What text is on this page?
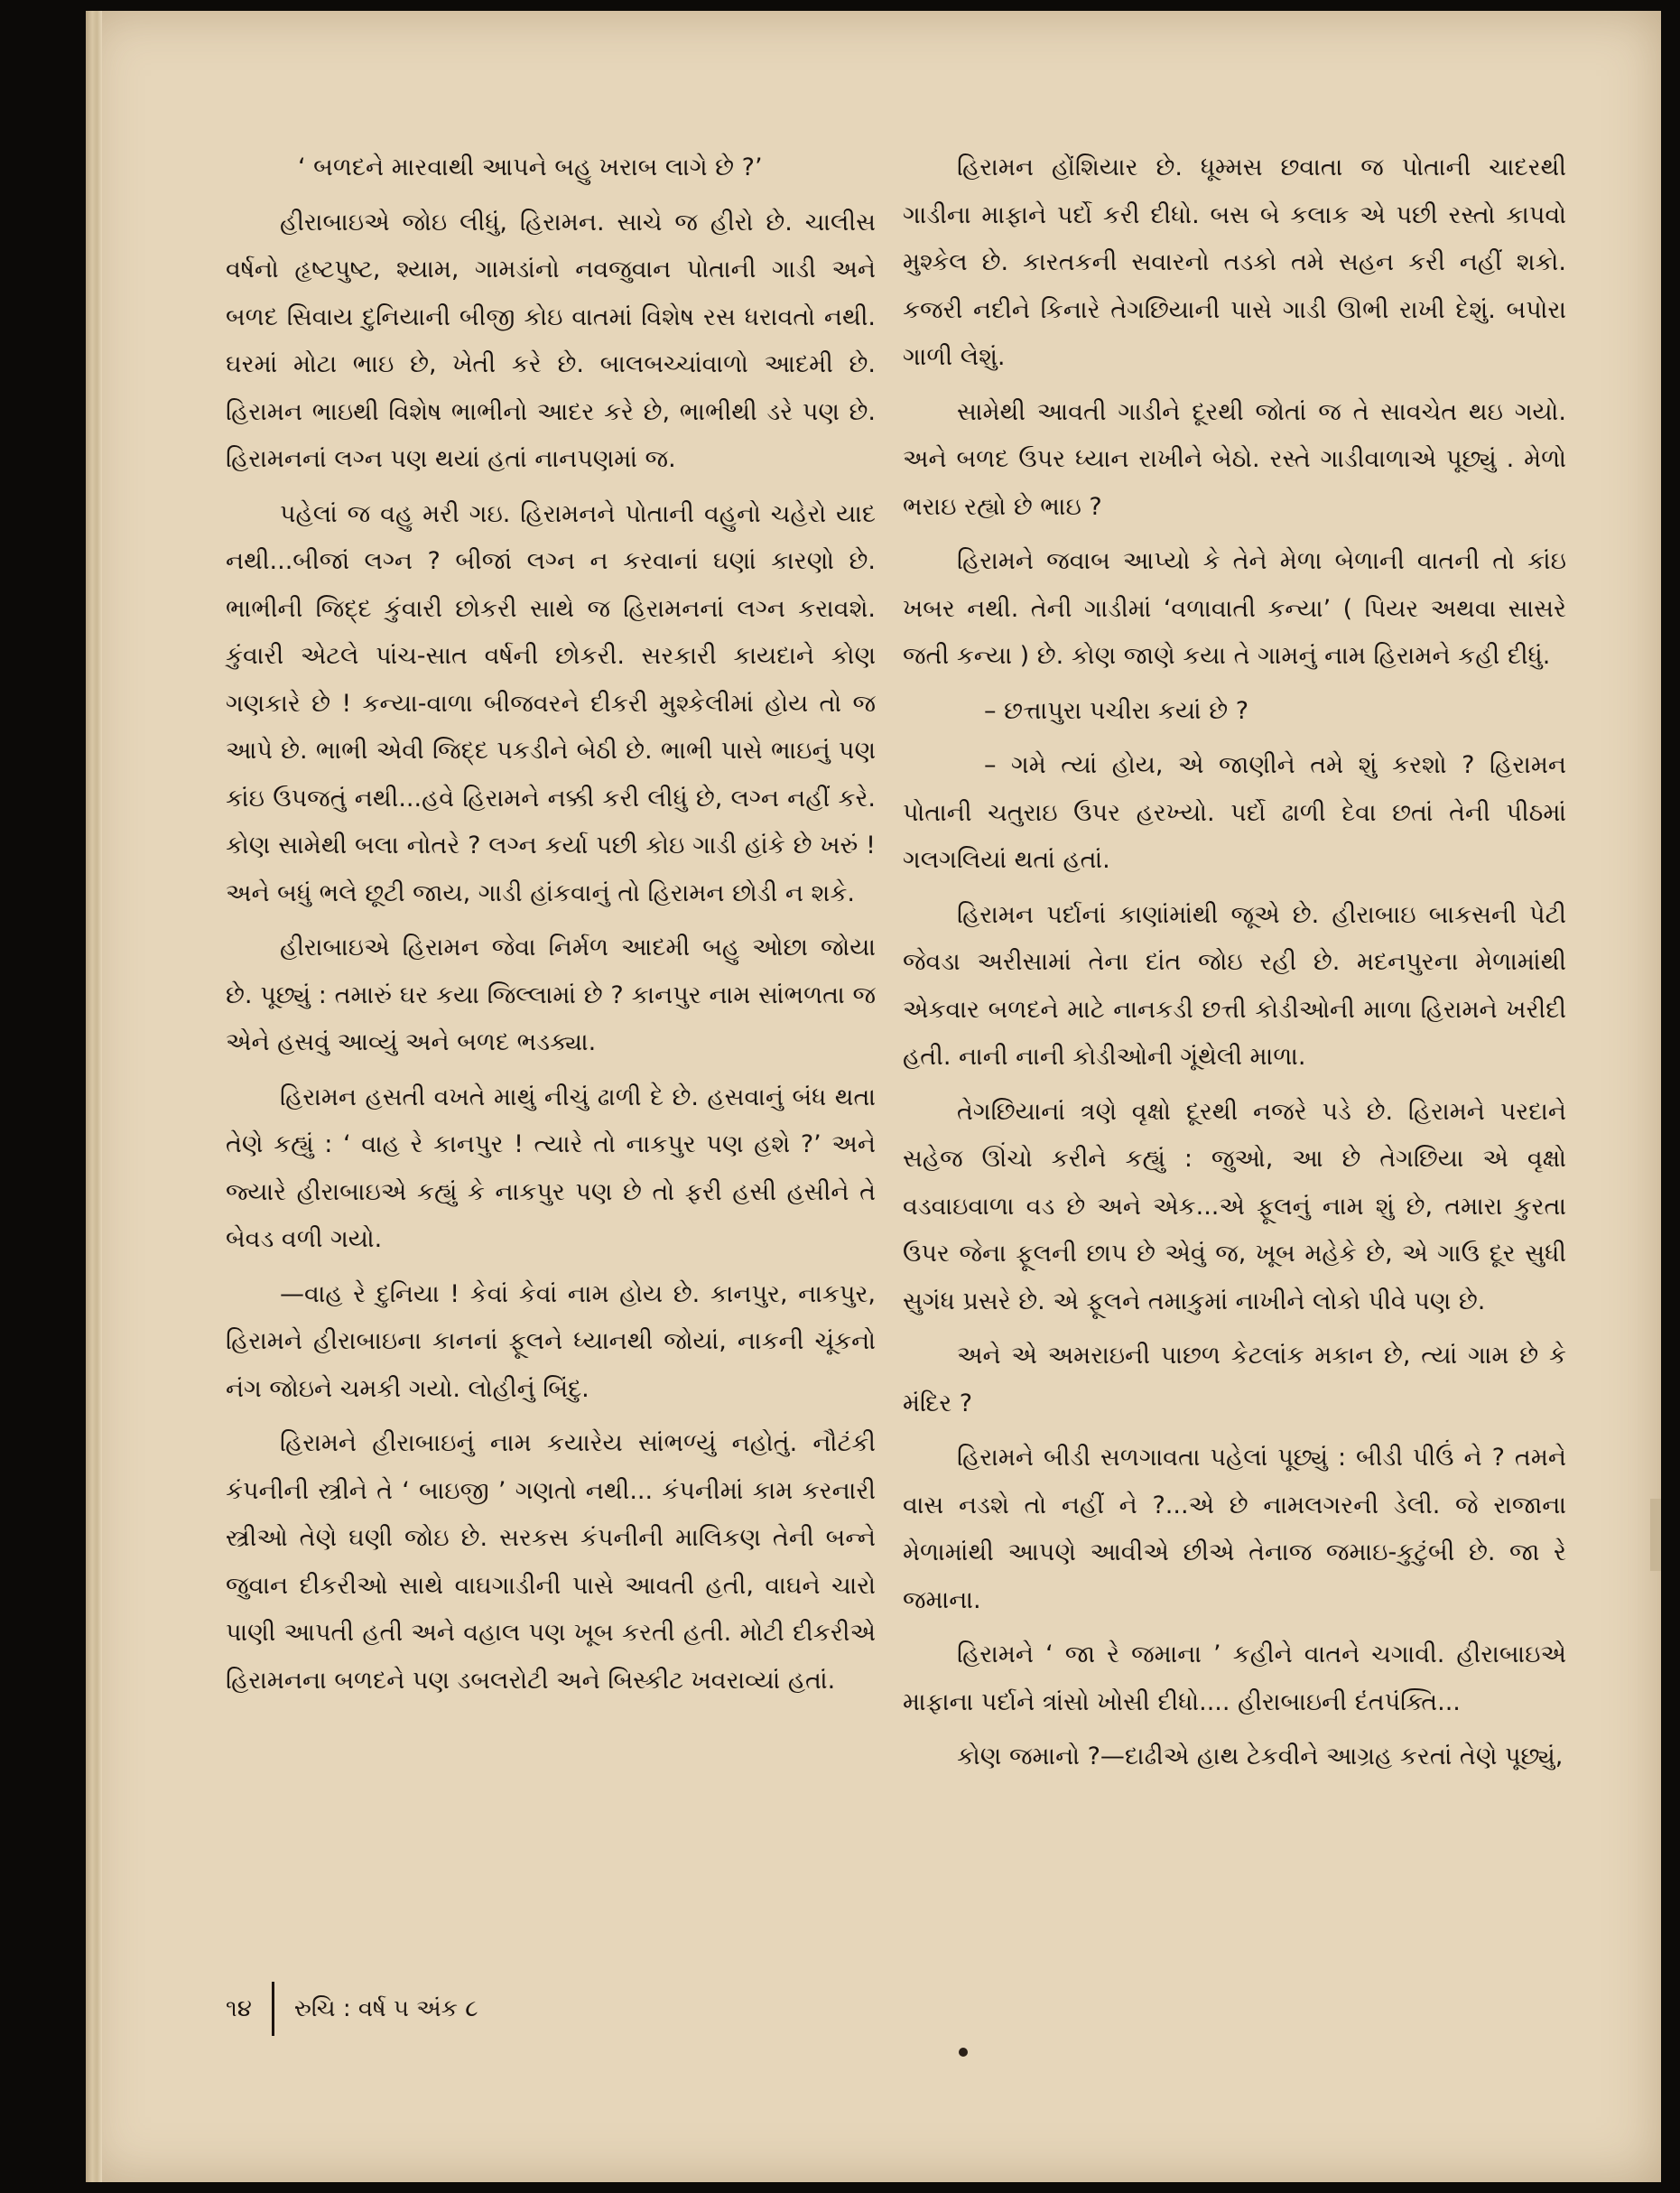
‘ બળદને મારવાથી આપને બહુ ખરાબ લાગે છે ?’

હીરાબાઇએ જોઇ લીધું, હિરામન. સાચે જ હીરો છે. ચાલીસ વર્ષનો હૃષ્ટપુષ્ટ, શ્યામ, ગામડાંનો નવજુવાન પોતાની ગાડી અને બળદ સિવાય દુનિયાની બીજી કોઇ વાતમાં વિશેષ રસ ધરાવતો નથી. ઘરમાં મોટા ભાઇ છે, ખેતી કરે છે. બાલબચ્ચાંવાળો આદમી છે. હિરામન ભાઇથી વિશેષ ભાભીનો આદર કરે છે, ભાભીથી ડરે પણ છે. હિરામનનાં લગ્ન પણ થયાં હતાં નાનપણમાં જ.

પહેલાં જ વહુ મરી ગઇ. હિરામનને પોતાની વહુનો ચહેરો યાદ નથી...બીજાં લગ્ન ? બીજાં લગ્ન ન કરવાનાં ઘણાં કારણો છે. ભાભીની જિદ્દ કુંવારી છોકરી સાથે જ હિરામનનાં લગ્ન કરાવશે. કુંવારી એટલે પાંચ-સાત વર્ષની છોકરી. સરકારી કાયદાને કોણ ગણકારે છે ! કન્યા-વાળા બીજવરને દીકરી મુશ્કેલીમાં હોય તો જ આપે છે. ભાભી એવી જિદ્દ પકડીને બેઠી છે. ભાભી પાસે ભાઇનું પણ કાંઇ ઉપજતું નથી...હવે હિરામને નક્કી કરી લીધું છે, લગ્ન નહીં કરે. કોણ સામેથી બલા નોતરે ? લગ્ન કર્યા પછી કોઇ ગાડી હાંકે છે ખરું ! અને બધું ભલે છૂટી જાય, ગાડી હાંકવાનું તો હિરામન છોડી ન શકે.

હીરાબાઇએ હિરામન જેવા નિર્મળ આદમી બહુ ઓછા જોયા છે. પૂછ્યું : તમારું ઘર કયા જિલ્લામાં છે ? કાનપુર નામ સાંભળતા જ એને હસવું આવ્યું અને બળદ ભડક્યા.

હિરામન હસતી વખતે માથું નીચું ઢાળી દે છે. હસવાનું બંધ થતા તેણે કહ્યું : ‘ વાહ રે કાનપુર ! ત્યારે તો નાકપુર પણ હશે ?’ અને જ્યારે હીરાબાઇએ કહ્યું કે નાકપુર પણ છે તો ફરી હસી હસીને તે બેવડ વળી ગયો.

—વાહ રે દુનિયા ! કેવાં કેવાં નામ હોય છે. કાનપુર, નાકપુર, હિરામને હીરાબાઇના કાનનાં ફૂલને ધ્યાનથી જોયાં, નાકની ચૂંકનો નંગ જોઇને ચમકી ગયો. લોહીનું બિંદુ.

હિરામને હીરાબાઇનું નામ કયારેય સાંભળ્યું નહોતું. નૌટંકી કંપનીની સ્ત્રીને તે ‘ બાઇજી ’ ગણતો નથી... કંપનીમાં કામ કરનારી સ્ત્રીઓ તેણે ઘણી જોઇ છે. સરકસ કંપનીની માલિકણ તેની બન્ને જુવાન દીકરીઓ સાથે વાઘગાડીની પાસે આવતી હતી, વાઘને ચારો પાણી આપતી હતી અને વહાલ પણ ખૂબ કરતી હતી. મોટી દીકરીએ હિરામનના બળદને પણ ડબલરોટી અને બિસ્કીટ ખવરાવ્યાં હતાં.

હિરામન હોંશિયાર છે. ધૂમ્મસ છવાતા જ પોતાની ચાદરથી ગાડીના માફાને પર્દો કરી દીધો. બસ બે કલાક એ પછી રસ્તો કાપવો મુશ્કેલ છે. કારતકની સવારનો તડકો તમે સહન કરી નહીં શકો. કજરી નદીને કિનારે તેગછિયાની પાસે ગાડી ઊભી રાખી દેશું. બપોરા ગાળી લેશું.

સામેથી આવતી ગાડીને દૂરથી જોતાં જ તે સાવચેત થઇ ગયો. અને બળદ ઉપર ધ્યાન રાખીને બેઠો. રસ્તે ગાડીવાળાએ પૂછ્યું . મેળો ભરાઇ રહ્યો છે ભાઇ ?

હિરામને જવાબ આપ્યો કે તેને મેળા બેળાની વાતની તો કાંઇ ખબર નથી. તેની ગાડીમાં ‘વળાવાતી કન્યા’ ( પિયર અથવા સાસરે જતી કન્યા ) છે. કોણ જાણે કયા તે ગામનું નામ હિરામને કહી દીધું.

– છત્તાપુરા પચીરા કયાં છે ?

– ગમે ત્યાં હોય, એ જાણીને તમે શું કરશો ? હિરામન પોતાની ચતુરાઇ ઉપર હરખ્યો. પર્દો ઢાળી દેવા છતાં તેની પીઠમાં ગલગલિયાં થતાં હતાં.

હિરામન પર્દાનાં કાણાંમાંથી જૂએ છે. હીરાબાઇ બાકસની પેટી જેવડા અરીસામાં તેના દાંત જોઇ રહી છે. મદનપુરના મેળામાંથી એકવાર બળદને માટે નાનકડી છત્તી કોડીઓની માળા હિરામને ખરીદી હતી. નાની નાની કોડીઓની ગૂંથેલી માળા.

તેગછિયાનાં ત્રણે વૃક્ષો દૂરથી નજરે પડે છે. હિરામને પરદાને સહેજ ઊંચો કરીને કહ્યું : જુઓ, આ છે તેગછિયા એ વૃક્ષો વડવાઇવાળા વડ છે અને એક...એ ફૂલનું નામ શું છે, તમારા કુરતા ઉપર જેના ફૂલની છાપ છે એવું જ, ખૂબ મહેકે છે, એ ગાઉ દૂર સુધી સુગંધ પ્રસરે છે. એ ફૂલને તમાકુમાં નાખીને લોકો પીવે પણ છે.

અને એ અમરાઇની પાછળ કેટલાંક મકાન છે, ત્યાં ગામ છે કે મંદિર ?

હિરામને બીડી સળગાવતા પહેલાં પૂછ્યું : બીડી પીઉં ને ? તમને વાસ નડશે તો નહીં ને ?...એ છે નામલગરની ડેલી. જે રાજાના મેળામાંથી આપણે આવીએ છીએ તેનાજ જમાઇ-કુટુંબી છે. જા રે જમાના.

હિરામને ‘ જા રે જમાના ’ કહીને વાતને ચગાવી. હીરાબાઇએ માફાના પર્દાને ત્રાંસો ખોસી દીધો.... હીરાબાઇની દંતપંક્તિ...

કોણ જમાનો ?—દાઢીએ હાથ ટેકવીને આગ્રહ કરતાં તેણે પૂછ્યું,

૧૪ રુચિ : વર્ષ ૫ અંક ૮
